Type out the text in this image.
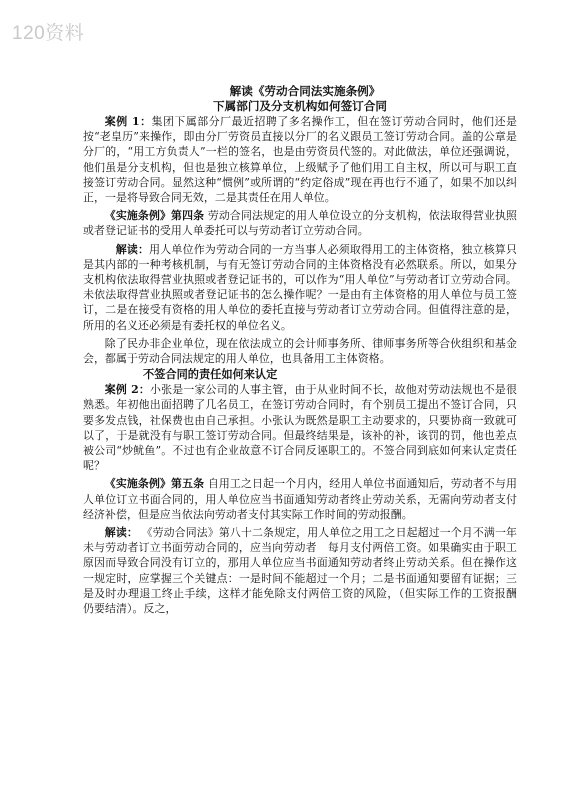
120资料
解读《劳动合同法实施条例》
下属部门及分支机构如何签订合同

案例 1：集团下属部分厂最近招聘了多名操作工，但在签订劳动合同时，他们还是按“老皇历”来操作，即由分厂劳资员直接以分厂的名义跟员工签订劳动合同。盖的公章是分厂的，“用工方负责人”一栏的签名，也是由劳资员代签的。对此做法，单位还强调说，他们虽是分支机构，但也是独立核算单位，上级赋予了他们用工自主权，所以可与职工直接签订劳动合同。显然这种“惯例”或所谓的“约定俗成”现在再也行不通了，如果不加以纠正，一是将导致合同无效，二是其责任在用人单位。

《实施条例》第四条 劳动合同法规定的用人单位设立的分支机构，依法取得营业执照或者登记证书的受用人单委托可以与劳动者订立劳动合同。

解读：用人单位作为劳动合同的一方当事人必须取得用工的主体资格，独立核算只是其内部的一种考核机制，与有无签订劳动合同的主体资格没有必然联系。所以，如果分支机构依法取得营业执照或者登记证书的，可以作为“用人单位”与劳动者订立劳动合同。未依法取得营业执照或者登记证书的怎么操作呢？一是由有主体资格的用人单位与员工签订，二是在接受有资格的用人单位的委托直接与劳动者订立劳动合同。但值得注意的是，所用的名义还必须是有委托权的单位名义。

除了民办非企业单位，现在依法成立的会计师事务所、律师事务所等合伙组织和基金会，都属于劳动合同法规定的用人单位，也具备用工主体资格。

不签合同的责任如何来认定

案例 2：小张是一家公司的人事主管，由于从业时间不长，故他对劳动法规也不是很熟悉。年初他出面招聘了几名员工，在签订劳动合同时，有个别员工提出不签订合同，只要多发点钱，社保费也由自己承担。小张认为既然是职工主动要求的，只要协商一致就可以了，于是就没有与职工签订劳动合同。但最终结果是，该补的补，该罚的罚，他也差点被公司“炒鱿鱼”。不过也有企业故意不订合同反诬职工的。不签合同到底如何来认定责任呢？

《实施条例》第五条 自用工之日起一个月内，经用人单位书面通知后，劳动者不与用人单位订立书面合同的，用人单位应当书面通知劳动者终止劳动关系，无需向劳动者支付经济补偿，但是应当依法向劳动者支付其实际工作时间的劳动报酬。

解读： 《劳动合同法》第八十二条规定，用人单位之用工之日起超过一个月不满一年未与劳动者订立书面劳动合同的，应当向劳动者　每月支付两倍工资。如果确实由于职工原因而导致合同没有订立的，那用人单位应当书面通知劳动者终止劳动关系。但在操作这一规定时，应掌握三个关键点：一是时间不能超过一个月；二是书面通知要留有证据；三是及时办理退工终止手续，这样才能免除支付两倍工资的风险，（但实际工作的工资报酬仍要结清）。反之，
